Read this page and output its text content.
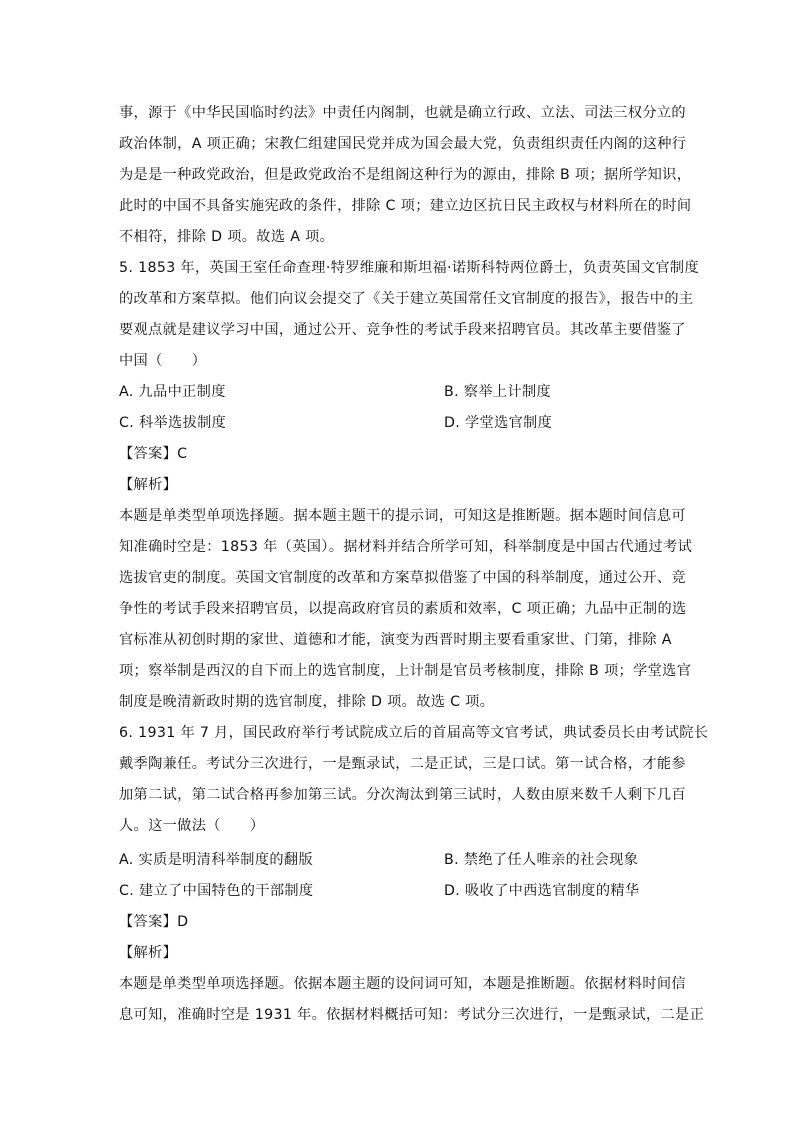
事，源于《中华民国临时约法》中责任内阁制，也就是确立行政、立法、司法三权分立的
政治体制，A 项正确；宋教仁组建国民党并成为国会最大党，负责组织责任内阁的这种行
为是是一种政党政治，但是政党政治不是组阁这种行为的源由，排除 B 项；据所学知识，
此时的中国不具备实施宪政的条件，排除 C 项；建立边区抗日民主政权与材料所在的时间
不相符，排除 D 项。故选 A 项。
5. 1853 年，英国王室任命查理·特罗维廉和斯坦福·诺斯科特两位爵士，负责英国文官制度
的改革和方案草拟。他们向议会提交了《关于建立英国常任文官制度的报告》，报告中的主
要观点就是建议学习中国，通过公开、竞争性的考试手段来招聘官员。其改革主要借鉴了
中国（　　）
A. 九品中正制度	B. 察举上计制度
C. 科举选拔制度	D. 学堂选官制度
【答案】C
【解析】
本题是单类型单项选择题。据本题主题干的提示词，可知这是推断题。据本题时间信息可
知准确时空是：1853 年（英国）。据材料并结合所学可知，科举制度是中国古代通过考试
选拔官吏的制度。英国文官制度的改革和方案草拟借鉴了中国的科举制度，通过公开、竞
争性的考试手段来招聘官员，以提高政府官员的素质和效率，C 项正确；九品中正制的选
官标准从初创时期的家世、道德和才能，演变为西晋时期主要看重家世、门第，排除 A
项；察举制是西汉的自下而上的选官制度，上计制是官员考核制度，排除 B 项；学堂选官
制度是晚清新政时期的选官制度，排除 D 项。故选 C 项。
6. 1931 年 7 月，国民政府举行考试院成立后的首届高等文官考试，典试委员长由考试院长
戴季陶兼任。考试分三次进行，一是甄录试，二是正试，三是口试。第一试合格，才能参
加第二试，第二试合格再参加第三试。分次淘汰到第三试时，人数由原来数千人剩下几百
人。这一做法（　　）
A. 实质是明清科举制度的翻版	B. 禁绝了任人唯亲的社会现象
C. 建立了中国特色的干部制度	D. 吸收了中西选官制度的精华
【答案】D
【解析】
本题是单类型单项选择题。依据本题主题的设问词可知，本题是推断题。依据材料时间信
息可知，准确时空是 1931 年。依据材料概括可知：考试分三次进行，一是甄录试，二是正
